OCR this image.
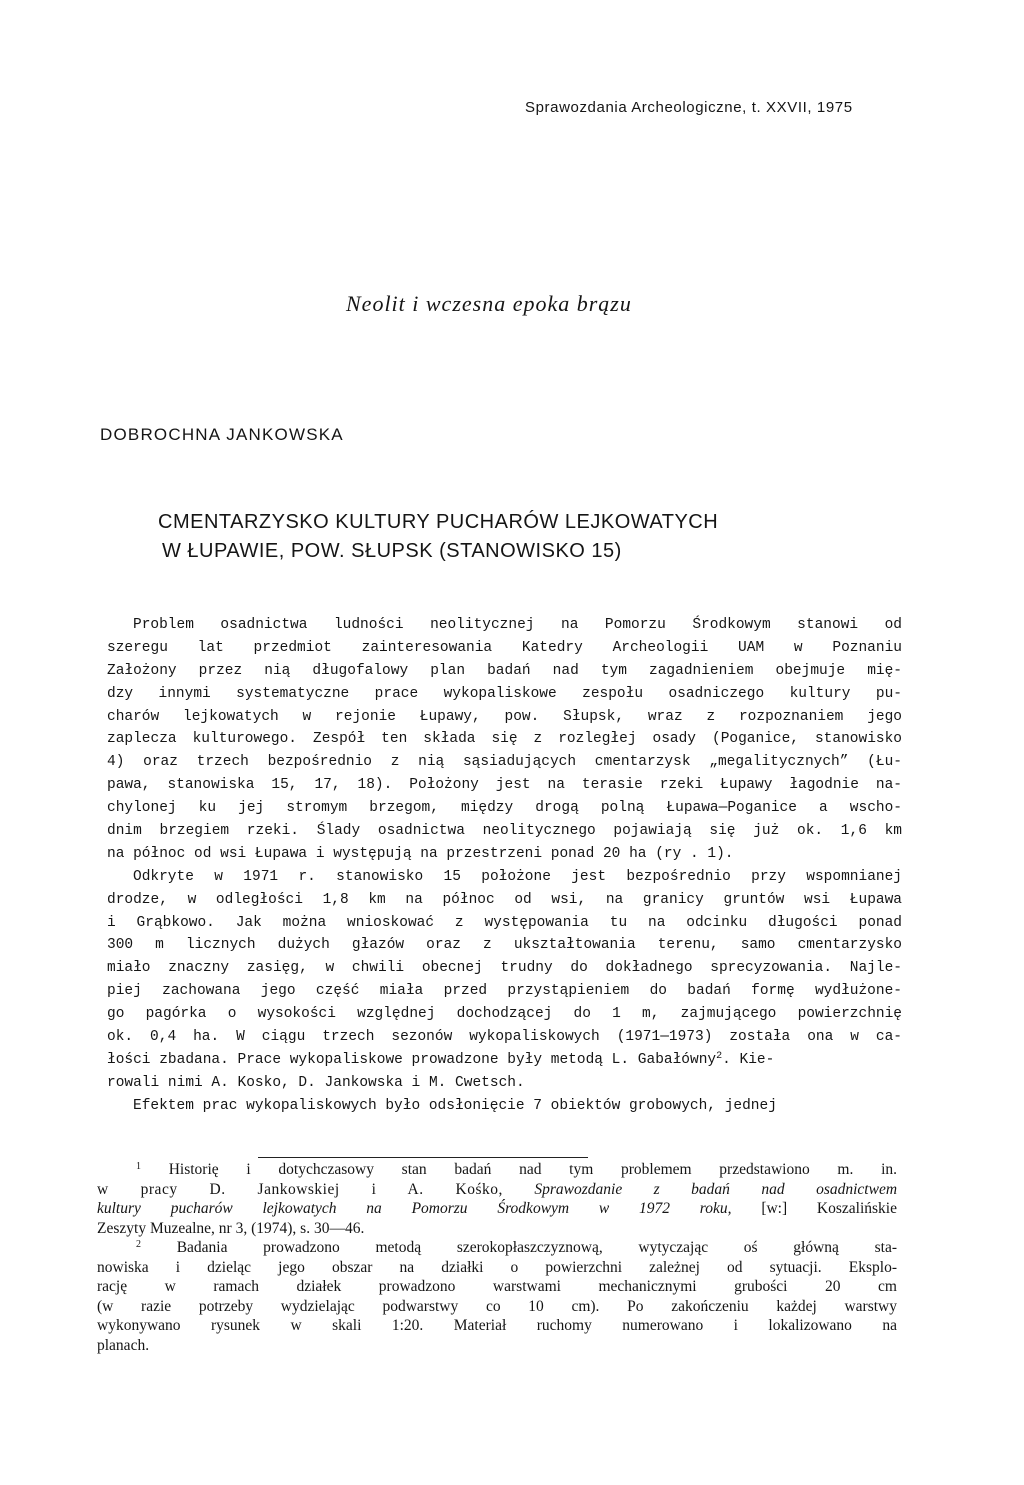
Sprawozdania Archeologiczne, t. XXVII, 1975
Neolit i wczesna epoka brązu
DOBROCHNA JANKOWSKA
CMENTARZYSKO KULTURY PUCHARÓW LEJKOWATYCH
W ŁUPAWIE, POW. SŁUPSK (STANOWISKO 15)
Problem osadnictwa ludności neolitycznej na Pomorzu Środkowym stanowi od
szeregu lat przedmiot zainteresowania Katedry Archeologii UAM w Poznaniu
Założony przez nią długofalowy plan badań nad tym zagadnieniem obejmuje mię-
dzy innymi systematyczne prace wykopaliskowe zespołu osadniczego kultury pu-
charów lejkowatych w rejonie Łupawy, pow. Słupsk, wraz z rozpoznaniem jego
zaplecza kulturowego. Zespół ten składa się z rozległej osady (Poganice, stanowisko
4) oraz trzech bezpośrednio z nią sąsiadujących cmentarzysk „megalitycznych” (Łu-
pawa, stanowiska 15, 17, 18). Położony jest na terasie rzeki Łupawy łagodnie na-
chylonej ku jej stromym brzegom, między drogą polną Łupawa—Poganice a wscho-
dnim brzegiem rzeki. Ślady osadnictwa neolitycznego pojawiają się już ok. 1,6 km
na północ od wsi Łupawa i występują na przestrzeni ponad 20 ha (ry . 1).
Odkryte w 1971 r. stanowisko 15 położone jest bezpośrednio przy wspomnianej
drodze, w odległości 1,8 km na północ od wsi, na granicy gruntów wsi Łupawa
i Grąbkowo. Jak można wnioskować z występowania tu na odcinku długości ponad
300 m licznych dużych głazów oraz z ukształtowania terenu, samo cmentarzysko
miało znaczny zasięg, w chwili obecnej trudny do dokładnego sprecyzowania. Najle-
piej zachowana jego część miała przed przystąpieniem do badań formę wydłużone-
go pagórka o wysokości względnej dochodzącej do 1 m, zajmującego powierzchnię
ok. 0,4 ha. W ciągu trzech sezonów wykopaliskowych (1971—1973) została ona w ca-
łości zbadana. Prace wykopaliskowe prowadzone były metodą L. Gabałówny$^2$. Kie-
rowali nimi A. Kosko, D. Jankowska i M. Cwetsch.
Efektem prac wykopaliskowych było odsłonięcie 7 obiektów grobowych, jednej
$^1$ Historię i dotychczasowy stan badań nad tym problemem przedstawiono m. in.
w pracy D. Jankowskiej i A. Kośko, Sprawozdanie z badań nad osadnictwem
kultury pucharów lejkowatych na Pomorzu Środkowym w 1972 roku, [w:] Koszalińskie
Zeszyty Muzealne, nr 3, (1974), s. 30—46.
$^2$ Badania prowadzono metodą szerokopłaszczyznową, wytyczając oś główną sta-
nowiska i dzieląc jego obszar na działki o powierzchni zależnej od sytuacji. Eksplo-
rację w ramach działek prowadzono warstwami mechanicznymi grubości 20 cm
(w razie potrzeby wydzielając podwarstwy co 10 cm). Po zakończeniu każdej warstwy
wykonywano rysunek w skali 1:20. Materiał ruchomy numerowano i lokalizowano na
planach.
